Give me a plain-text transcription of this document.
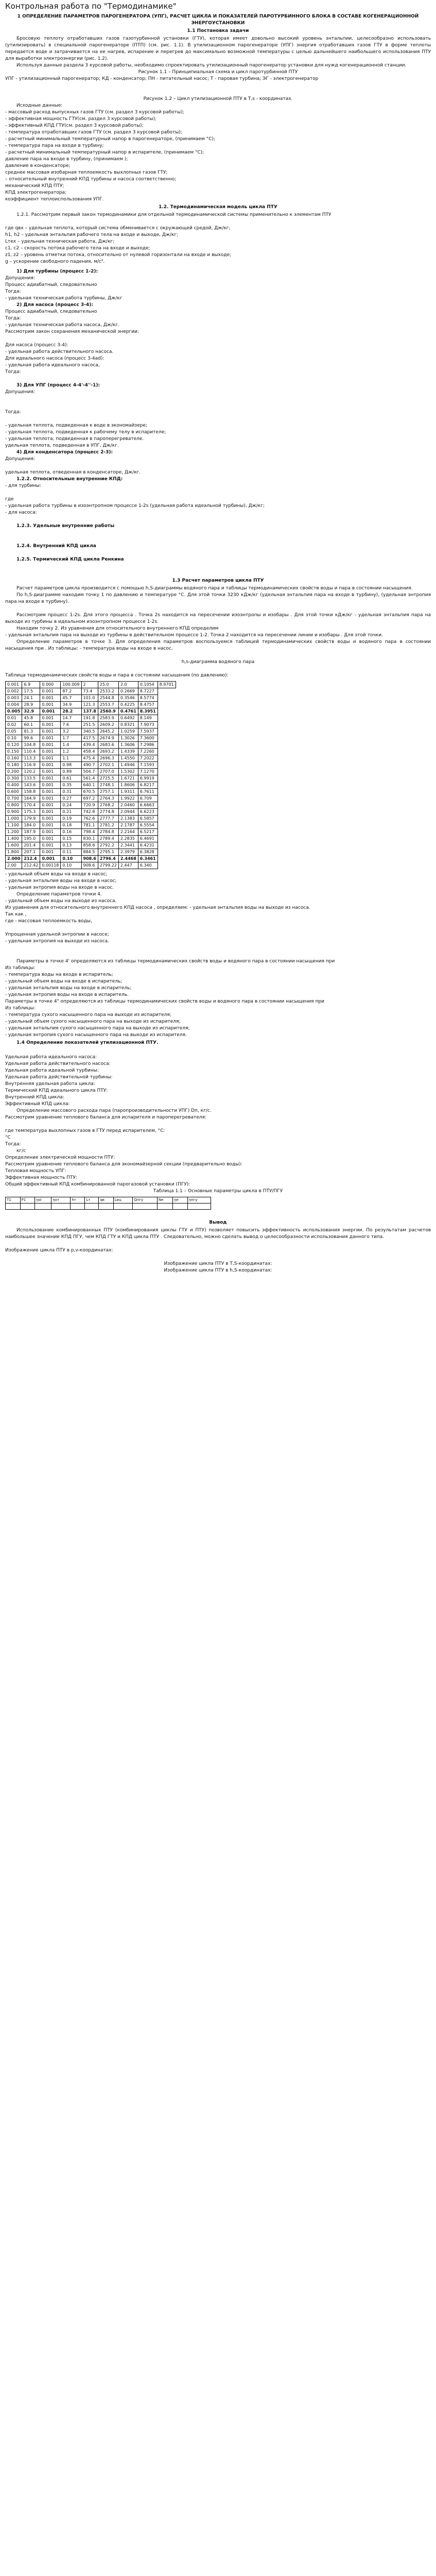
Контрольная работа по "Термодинамике"
1 ОПРЕДЕЛЕНИЕ ПАРАМЕТРОВ ПАРОГЕНЕРАТОРА (УПГ), РАСЧЕТ ЦИКЛА И ПОКАЗАТЕЛЕЙ ПАРОТУРБИННОГО БЛОКА В СОСТАВЕ КОГЕНЕРАЦИОННОЙ ЭНЕРГОУСТАНОВКИ
1.1 Постановка задачи

Бросовую теплоту отработавших газов газотурбинной установки (ГТУ), которая имеет довольно высокий уровень энтальпии, целесообразно использовать (утилизировать) в специальной парогенераторе (ПТП) (см. рис. 1.1). В утилизационном парогенераторе (УПГ) энергия отработавших газов ГТУ в форме теплоты передается воде и затрачивается на ее нагрев, испарение и перегрев до максимально возможной температуры с целью дальнейшего наибольшего использования ПТУ для выработки электроэнергии (рис. 1.2).

Используя данные раздела 3 курсовой работы, необходимо спроектировать утилизационный парогенератор установки для нужд когенерационной станции.

Рисунок 1.1 – Принципиальная схема и цикл паротурбинной ПТУ

УПГ - утилизационный парогенератор; КД - конденсатор; ПН - питательный насос; Т - паровая турбина; ЭГ - электрогенератор

Рисунок 1.2 – Цикл утилизационной ПТУ в T,s - координатах.

Исходные данные:

- массовый расход выпускных газов ГТУ (см. раздел 3 курсовой работы);

- эффективная мощность ГТУ(см. раздел 3 курсовой работы);

- эффективный КПД ГТУ(см. раздел 3 курсовой работы);

- температура отработавших газов ГТУ (см. раздел 3 курсовой работы);

- расчетный минимальный температурный напор в парогенераторе, (принимаем °С);

- температура пара на входе в турбину;

- расчетный минимальный температурный напор в испарителе, (принимаем °С);

давление пара на входе в турбину, (принимаем );

давление в конденсаторе;

среднее массовая изобарная теплоемкость выхлопных газов ГТУ;

– относительный внутренний КПД турбины и насоса соответственно;

механический КПД ПТУ;

КПД электрогенератора;

коэффициент теплоиспользования УПГ.

1.2. Термодинамическая модель цикла ПТУ

1.2.1. Рассмотрим первый закон термодинамики для отдельной термодинамической системы применительно к элементам ПТУ

где qвх – удельная теплота, который система обменивается с окружающей средой, Дж/кг;

h1, h2 – удельная энтальпия рабочего тела на входе и выходе, Дж/кг;

Lтех – удельная техническая работа, Дж/кг;

c1, c2 – скорость потока рабочего тела на входе и выходе;

z1, z2 – уровень отметки потока, относительно от нулевой горизонтали на входе и выходе;

g – ускорение свободного падения, м/с².

1) Для турбины (процесс 1-2):

Допущения:

Процесс адиабатный, следовательно

Тогда:

- удельная техническая работа турбины, Дж/кг

2) Для насоса (процесс 3-4):

Процесс адиабатный, следовательно

Тогда:

- удельная техническая работа насоса, Дж/кг.

Рассмотрим закон сохранения механической энергии:

Для насоса (процесс 3-4):

- удельная работа действительного насоса.

Для идеального насоса (процесс 3-4ad):

- удельная работа идеального насоса,

Тогда:

3) Для УПГ (процесс 4-4'-4''-1):

Допущения:

Тогда:

- удельная теплота, подведенная к воде в экономайзере;

- удельная теплота, подведенная к рабочему телу в испарителе;

- удельная теплота, подведенная в пароперегревателе.

удельная теплота, подведенная в УПГ, Дж/кг.

4) Для конденсатора (процесс 2-3):

Допущения:

удельная теплота, отведенная в конденсаторе, Дж/кг.

1.2.2. Относительные внутренние КПД:

- для турбины:

где

- удельная работа турбины в изоэнтропном процессе 1-2s (удельная работа идеальной турбины), Дж/кг;

- для насоса:

1.2.3. Удельные внутренние работы

1.2.4. Внутренний КПД цикла

1.2.5. Термический КПД цикла Ренкина

1.3 Расчет параметров цикла ПТУ

Расчет параметров цикла производится с помощью h,S-диаграммы водяного пара и таблицы термодинамических свойств воды и пара в состоянии насыщения.

По h,S-диаграмме находим точку 1 по давлению и температуре °С. Для этой точки 3230 кДж/кг (удельная энтальпия пара на входе в турбину), (удельная энтропия пара на входе в турбину).

Рассмотрим процесс 1-2s. Для этого процесса . Точка 2s находится на пересечении изоэнтропы и изобары . Для этой точки кДж/кг - удельная энтальпия пара на выходе из турбины в идеальном изоэнтропном процессе 1-2s.

Находим точку 2. Из уравнения для относительного внутреннего КПД определим

- удельная энтальпия пара на выходе из турбины в действительном процессе 1-2. Точка 2 находится на пересечении линии и изобары . Для этой точки.

Определение параметров в точке 3. Для определения параметров воспользуемся таблицей термодинамических свойств воды и водяного пара в состоянии насыщения при . Из таблицы: - температура воды на входе в насос.

h,s-диаграмма водяного пара

Таблица термодинамических свойств воды и пара в состоянии насыщения (по давлению):

0.001	6.9	0.000	100.009	2	25.0	2.0	0.1054	8.9701
0.002	17.5	0.001	87.2	73.4	2533.2	0.2669	8.7227	
0.003	24.1	0.001	45.7	101.0	2544.8	0.3546	8.5774	
0.004	28.9	0.001	34.9	121.3	2553.7	0.4225	8.4757	
0.005	32.9	0.001	28.2	137.8	2560.9	0.4761	8.3951	
0.01	45.8	0.001	14.7	191.8	2583.9	0.6492	8.149	
0.02	60.1	0.001	7.6	251.5	2609.2	0.8321	7.9073	
0.05	81.3	0.001	3.2	340.5	2645.2	1.0259	7.5937	
0.10	99.6	0.001	1.7	417.5	2674.9	1.3026	7.3600	
0.120	104.8	0.001	1.4	439.4	2683.6	1.3606	7.2986	
0.150	110.4	0.001	1.2	458.4	2693.2	1.4339	7.2260	
0.160	113.3	0.001	1.1	475.4	2696.3	1.4550	7.2022	
0.180	116.9	0.001	0.98	490.7	2702.1	1.4946	7.1593	
0.200	120.2	0.001	0.89	504.7	2707.0	1.5302	7.1270	
0.300	133.5	0.001	0.61	561.4	2725.5	1.6721	6.9919	
0.400	143.6	0.001	0.35	640.1	2748.1	1.8606	6.8217	
0.600	158.8	0.001	0.31	670.5	2757.1	1.9311	6.7611	
0.700	164.9	0.001	0.27	697.2	2764.3	1.9922	6.709	
0.800	170.4	0.001	0.24	720.9	2768.2	2.0460	6.6663	
0.900	175.3	0.001	0.21	742.8	2774.8	2.0944	6.6223	
1.000	179.9	0.001	0.19	762.6	2777.7	2.1383	6.5857	
1.100	184.0	0.001	0.18	781.1	2781.2	2.1787	6.5554	
1.200	187.9	0.001	0.16	798.4	2784.8	2.2164	6.5217	
1.400	195.0	0.001	0.15	830.1	2789.4	2.2835	6.4691	
1.600	201.4	0.001	0.13	858.6	2792.2	2.3441	6.4231	
1.800	207.1	0.001	0.11	884.5	2795.1	2.3979	6.3828	
2.000	212.4	0.001	0.10	908.6	2796.4	2.4468	6.3461	
2.00	212.42	0.00118	0.10	908.6	2799.22	2.447	6.340	

- удельный объем воды на входе в насос;

- удельная энтальпия воды на входе в насос;

- удельная энтропия воды на входе в насос.

Определение параметров точки 4.

- удельный объем воды на выходе из насоса.

Из уравнения для относительного внутреннего КПД насоса , определяем: - удельная энтальпия воды на выходе из насоса.

Так как ,

где - массовая теплоемкость воды,

Упрощенная удельной энтропии в насосе;

- удельная энтропия на выходе из насоса.

Параметры в точке 4' определяются из таблицы термодинамических свойств воды и водяного пара в состоянии насыщения при

Из таблицы:

- температура воды на входе в испаритель;

- удельный объем воды на входе в испаритель;

- удельная энтальпия воды на входе в испаритель;

- удельная энтропия воды на входе в испаритель.

Параметры в точке 4" определяются из таблицы термодинамических свойств воды и водяного пара в состоянии насыщения при

Из таблицы:

- температура сухого насыщенного пара на выходе из испарителя;

- удельный объем сухого насыщенного пара на выходе из испарителя;

- удельная энтальпия сухого насыщенного пара на выходе из испарителя;

- удельная энтропия сухого насыщенного пара на выходе из испарителя.

1.4 Определение показателей утилизационной ПТУ.

Удельная работа идеального насоса:

Удельная работа действительного насоса:

Удельная работа идеальной турбины:

Удельная работа действительной турбины:

Внутренняя удельная работа цикла:

Термический КПД идеального цикла ПТУ:

Внутренний КПД цикла:

Эффективный КПД цикла:

Определение массового расхода пара (паропроизводительности УПГ) Dп, кг/с.

Рассмотрим уравнение теплового баланса для испарителя и пароперегревателя:

где температура выхлопных газов в ГТУ перед испарителем, °С:

°С

Тогда:

кг/с

Определение электрической мощности ПТУ:

Рассмотрим уравнение теплового баланса для экономайзерной секции (предварительно воды):

Тепловая мощность УПГ:

Эффективная мощность ПТУ:

Общий эффективный КПД комбинированной парогазовой установки (ПГУ):

Таблица 1.1 – Основные параметры цикла в ПТУ/ПГУ

Т1	Р1	ηoi	ηoт	hт	Lт	qв	Lиц	Qпгу	Nе	ηe	ηпгу

Вывод

Использование комбинированных ПТУ (комбинирования циклы ГТУ и ПТУ) позволяет повысить эффективность использования энергии. По результатам расчетов наибольшее значение КПД ПГУ, чем КПД ГТУ и КПД цикла ПТУ . Следовательно, можно сделать вывод о целесообразности использования данного типа.

Изображение цикла ПТУ в p,v-координатах:

Изображение цикла ПТУ в T,S-координатах:

Изображение цикла ПТУ в h,S-координатах:
